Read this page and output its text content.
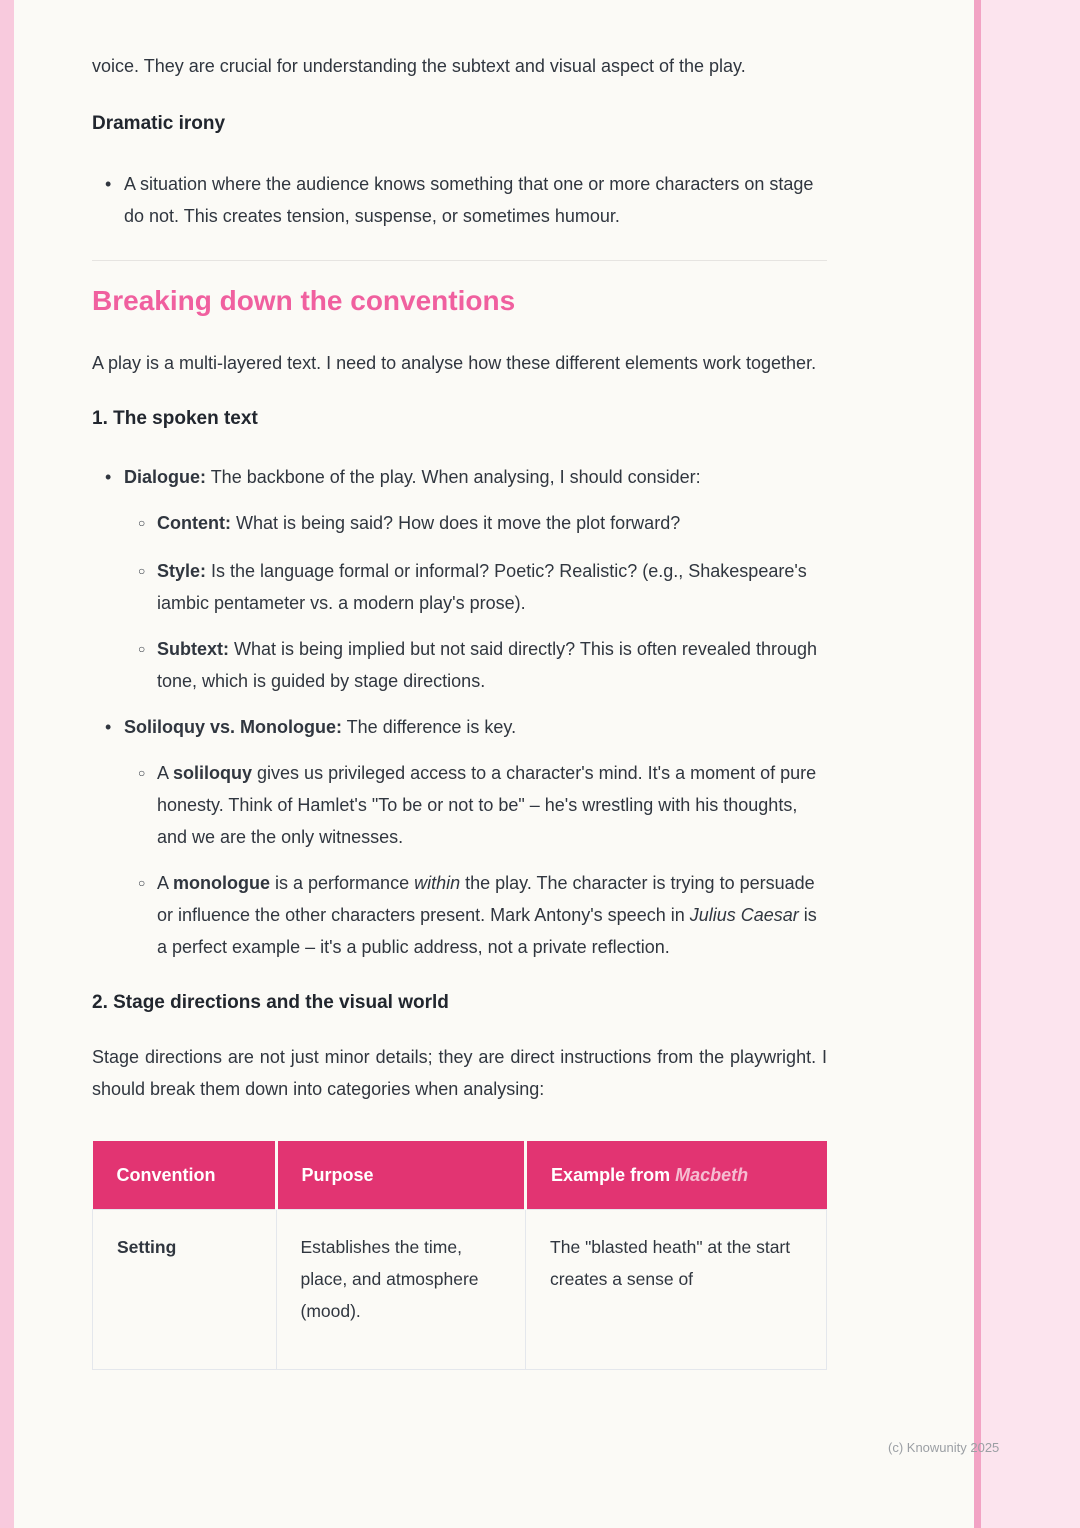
voice. They are crucial for understanding the subtext and visual aspect of the play.

Dramatic irony
•
A situation where the audience knows something that one or more characters on stage do not. This creates tension, suspense, or sometimes humour.
Breaking down the conventions

A play is a multi-layered text. I need to analyse how these different elements work together.

1. The spoken text
•
Dialogue: The backbone of the play. When analysing, I should consider:
○
Content: What is being said? How does it move the plot forward?
○
Style: Is the language formal or informal? Poetic? Realistic? (e.g., Shakespeare's iambic pentameter vs. a modern play's prose).
○
Subtext: What is being implied but not said directly? This is often revealed through tone, which is guided by stage directions.
•
Soliloquy vs. Monologue: The difference is key.
○
A soliloquy gives us privileged access to a character's mind. It's a moment of pure honesty. Think of Hamlet's "To be or not to be" – he's wrestling with his thoughts, and we are the only witnesses.
○
A monologue is a performance within the play. The character is trying to persuade or influence the other characters present. Mark Antony's speech in Julius Caesar is a perfect example – it's a public address, not a private reflection.
2. Stage directions and the visual world

Stage directions are not just minor details; they are direct instructions from the playwright. I should break them down into categories when analysing:

Convention	Purpose	Example from Macbeth
Setting	Establishes the time, place, and atmosphere (mood).	The "blasted heath" at the start creates a sense of
(c) Knowunity 2025
